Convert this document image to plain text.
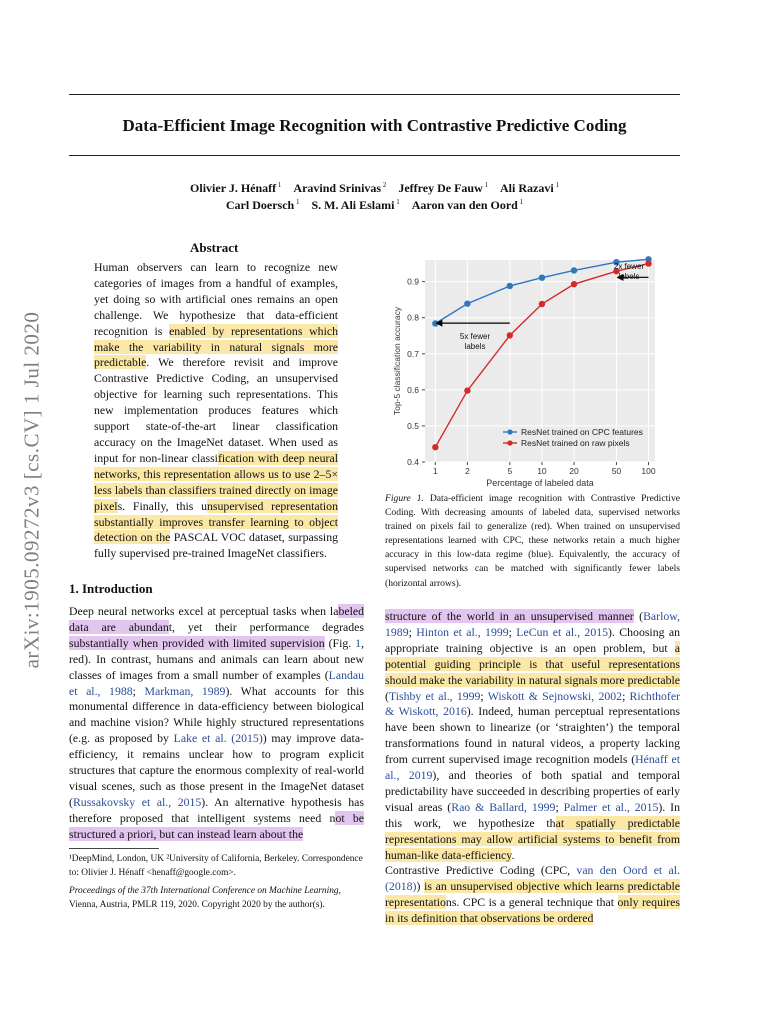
Data-Efficient Image Recognition with Contrastive Predictive Coding
Olivier J. Hénaff $^1$  Aravind Srinivas $^2$  Jeffrey De Fauw $^1$  Ali Razavi $^1$
Carl Doersch $^1$  S. M. Ali Eslami $^1$  Aaron van den Oord $^1$
arXiv:1905.09272v3 [cs.CV] 1 Jul 2020
Abstract
Human observers can learn to recognize new categories of images from a handful of examples, yet doing so with artificial ones remains an open challenge. We hypothesize that data-efficient recognition is enabled by representations which make the variability in natural signals more predictable. We therefore revisit and improve Contrastive Predictive Coding, an unsupervised objective for learning such representations. This new implementation produces features which support state-of-the-art linear classification accuracy on the ImageNet dataset. When used as input for non-linear classification with deep neural networks, this representation allows us to use 2–5× less labels than classifiers trained directly on image pixels. Finally, this unsupervised representation substantially improves transfer learning to object detection on the PASCAL VOC dataset, surpassing fully supervised pre-trained ImageNet classifiers.
1. Introduction
Deep neural networks excel at perceptual tasks when labeled data are abundant, yet their performance degrades substantially when provided with limited supervision (Fig. 1, red). In contrast, humans and animals can learn about new classes of images from a small number of examples (Landau et al., 1988; Markman, 1989). What accounts for this monumental difference in data-efficiency between biological and machine vision? While highly structured representations (e.g. as proposed by Lake et al. (2015)) may improve data-efficiency, it remains unclear how to program explicit structures that capture the enormous complexity of real-world visual scenes, such as those present in the ImageNet dataset (Russakovsky et al., 2015). An alternative hypothesis has therefore proposed that intelligent systems need not be structured a priori, but can instead learn about the
¹DeepMind, London, UK ²University of California, Berkeley. Correspondence to: Olivier J. Hénaff <henaff@google.com>.
Proceedings of the 37th International Conference on Machine Learning, Vienna, Austria, PMLR 119, 2020. Copyright 2020 by the author(s).
0.4
0.5
0.6
0.7
0.8
0.9
1	2	5	10	20	50 100
Percentage of labeled data
Top-5 classification accuracy	5x fewer
labels
2x fewer
labels
ResNet trained on CPC features
ResNet trained on raw pixels
Figure 1. Data-efficient image recognition with Contrastive Predictive Coding. With decreasing amounts of labeled data, supervised networks trained on pixels fail to generalize (red). When trained on unsupervised representations learned with CPC, these networks retain a much higher accuracy in this low-data regime (blue). Equivalently, the accuracy of supervised networks can be matched with significantly fewer labels (horizontal arrows).
structure of the world in an unsupervised manner (Barlow, 1989; Hinton et al., 1999; LeCun et al., 2015). Choosing an appropriate training objective is an open problem, but a potential guiding principle is that useful representations should make the variability in natural signals more predictable (Tishby et al., 1999; Wiskott & Sejnowski, 2002; Richthofer & Wiskott, 2016). Indeed, human perceptual representations have been shown to linearize (or ‘straighten’) the temporal transformations found in natural videos, a property lacking from current supervised image recognition models (Hénaff et al., 2019), and theories of both spatial and temporal predictability have succeeded in describing properties of early visual areas (Rao & Ballard, 1999; Palmer et al., 2015). In this work, we hypothesize that spatially predictable representations may allow artificial systems to benefit from human-like data-efficiency.
Contrastive Predictive Coding (CPC, van den Oord et al. (2018)) is an unsupervised objective which learns predictable representations. CPC is a general technique that only requires in its definition that observations be ordered
